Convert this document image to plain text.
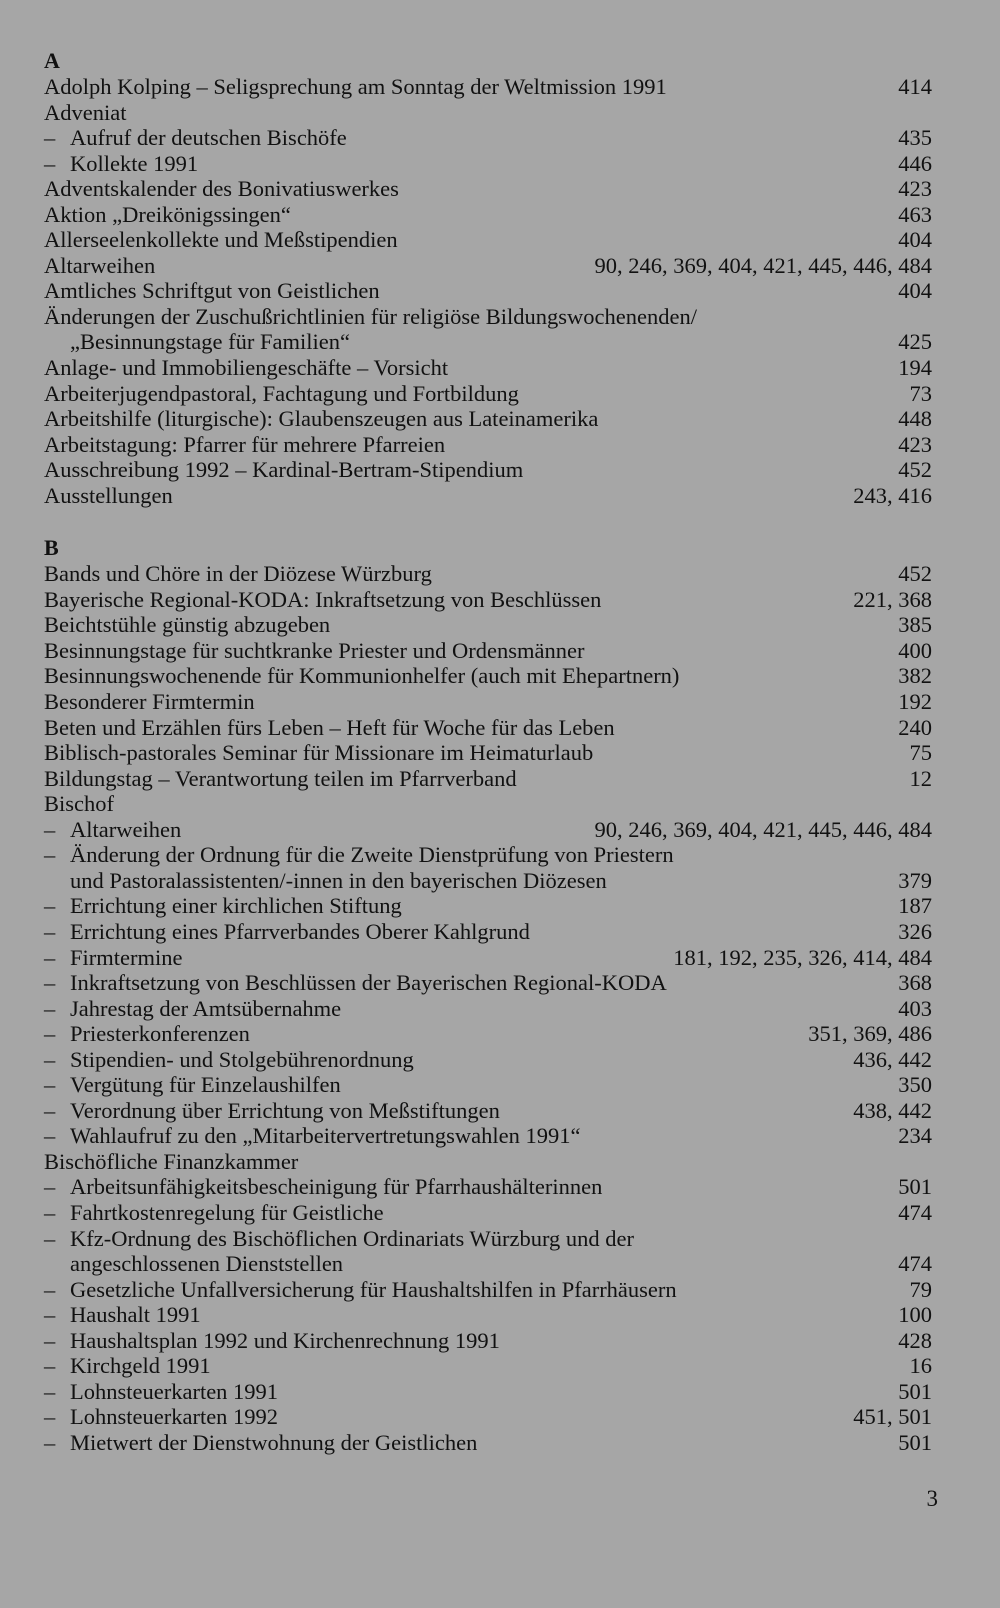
A
Adolph Kolping – Seligsprechung am Sonntag der Weltmission 1991	414
Adveniat
– Aufruf der deutschen Bischöfe	435
– Kollekte 1991	446
Adventskalender des Bonivatiuswerkes	423
Aktion „Dreikönigssingen“	463
Allerseelenkollekte und Meßstipendien	404
Altarweihen	90, 246, 369, 404, 421, 445, 446, 484
Amtliches Schriftgut von Geistlichen	404
Änderungen der Zuschußrichtlinien für religiöse Bildungswochenenden/
„Besinnungstage für Familien“	425
Anlage- und Immobiliengeschäfte – Vorsicht	194
Arbeiterjugendpastoral, Fachtagung und Fortbildung	73
Arbeitshilfe (liturgische): Glaubenszeugen aus Lateinamerika	448
Arbeitstagung: Pfarrer für mehrere Pfarreien	423
Ausschreibung 1992 – Kardinal-Bertram-Stipendium	452
Ausstellungen	243, 416
B
Bands und Chöre in der Diözese Würzburg	452
Bayerische Regional-KODA: Inkraftsetzung von Beschlüssen	221, 368
Beichtstühle günstig abzugeben	385
Besinnungstage für suchtkranke Priester und Ordensmänner	400
Besinnungswochenende für Kommunionhelfer (auch mit Ehepartnern)	382
Besonderer Firmtermin	192
Beten und Erzählen fürs Leben – Heft für Woche für das Leben	240
Biblisch-pastorales Seminar für Missionare im Heimaturlaub	75
Bildungstag – Verantwortung teilen im Pfarrverband	12
Bischof
– Altarweihen	90, 246, 369, 404, 421, 445, 446, 484
– Änderung der Ordnung für die Zweite Dienstprüfung von Priestern
und Pastoralassistenten/-innen in den bayerischen Diözesen	379
– Errichtung einer kirchlichen Stiftung	187
– Errichtung eines Pfarrverbandes Oberer Kahlgrund	326
– Firmtermine	181, 192, 235, 326, 414, 484
– Inkraftsetzung von Beschlüssen der Bayerischen Regional-KODA	368
– Jahrestag der Amtsübernahme	403
– Priesterkonferenzen	351, 369, 486
– Stipendien- und Stolgebührenordnung	436, 442
– Vergütung für Einzelaushilfen	350
– Verordnung über Errichtung von Meßstiftungen	438, 442
– Wahlaufruf zu den „Mitarbeitervertretungswahlen 1991“	234
Bischöfliche Finanzkammer
– Arbeitsunfähigkeitsbescheinigung für Pfarrhaushälterinnen	501
– Fahrtkostenregelung für Geistliche	474
– Kfz-Ordnung des Bischöflichen Ordinariats Würzburg und der
angeschlossenen Dienststellen	474
– Gesetzliche Unfallversicherung für Haushaltshilfen in Pfarrhäusern	79
– Haushalt 1991	100
– Haushaltsplan 1992 und Kirchenrechnung 1991	428
– Kirchgeld 1991	16
– Lohnsteuerkarten 1991	501
– Lohnsteuerkarten 1992	451, 501
– Mietwert der Dienstwohnung der Geistlichen	501
3
